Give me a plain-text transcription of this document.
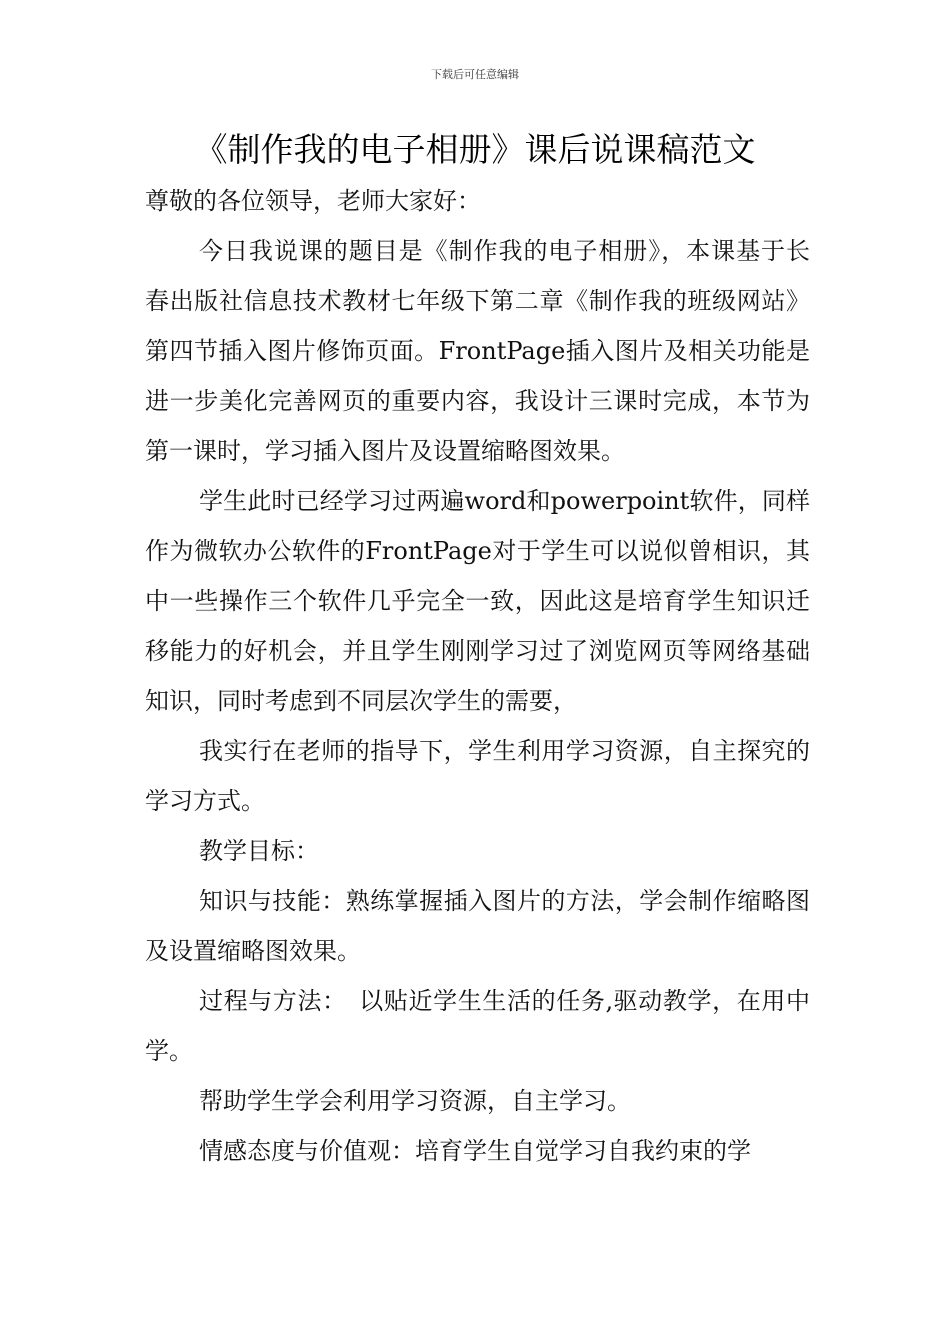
下载后可任意编辑
《制作我的电子相册》课后说课稿范文

尊敬的各位领导，老师大家好：

今日我说课的题目是《制作我的电子相册》，本课基于长春出版社信息技术教材七年级下第二章《制作我的班级网站》第四节插入图片修饰页面。FrontPage插入图片及相关功能是进一步美化完善网页的重要内容，我设计三课时完成，本节为第一课时，学习插入图片及设置缩略图效果。

学生此时已经学习过两遍word和powerpoint软件，同样作为微软办公软件的FrontPage对于学生可以说似曾相识，其中一些操作三个软件几乎完全一致，因此这是培育学生知识迁移能力的好机会，并且学生刚刚学习过了浏览网页等网络基础知识，同时考虑到不同层次学生的需要，

我实行在老师的指导下，学生利用学习资源，自主探究的学习方式。

教学目标：

知识与技能：熟练掌握插入图片的方法，学会制作缩略图及设置缩略图效果。

过程与方法：　以贴近学生生活的任务,驱动教学，在用中学。

帮助学生学会利用学习资源，自主学习。

情感态度与价值观：培育学生自觉学习自我约束的学
